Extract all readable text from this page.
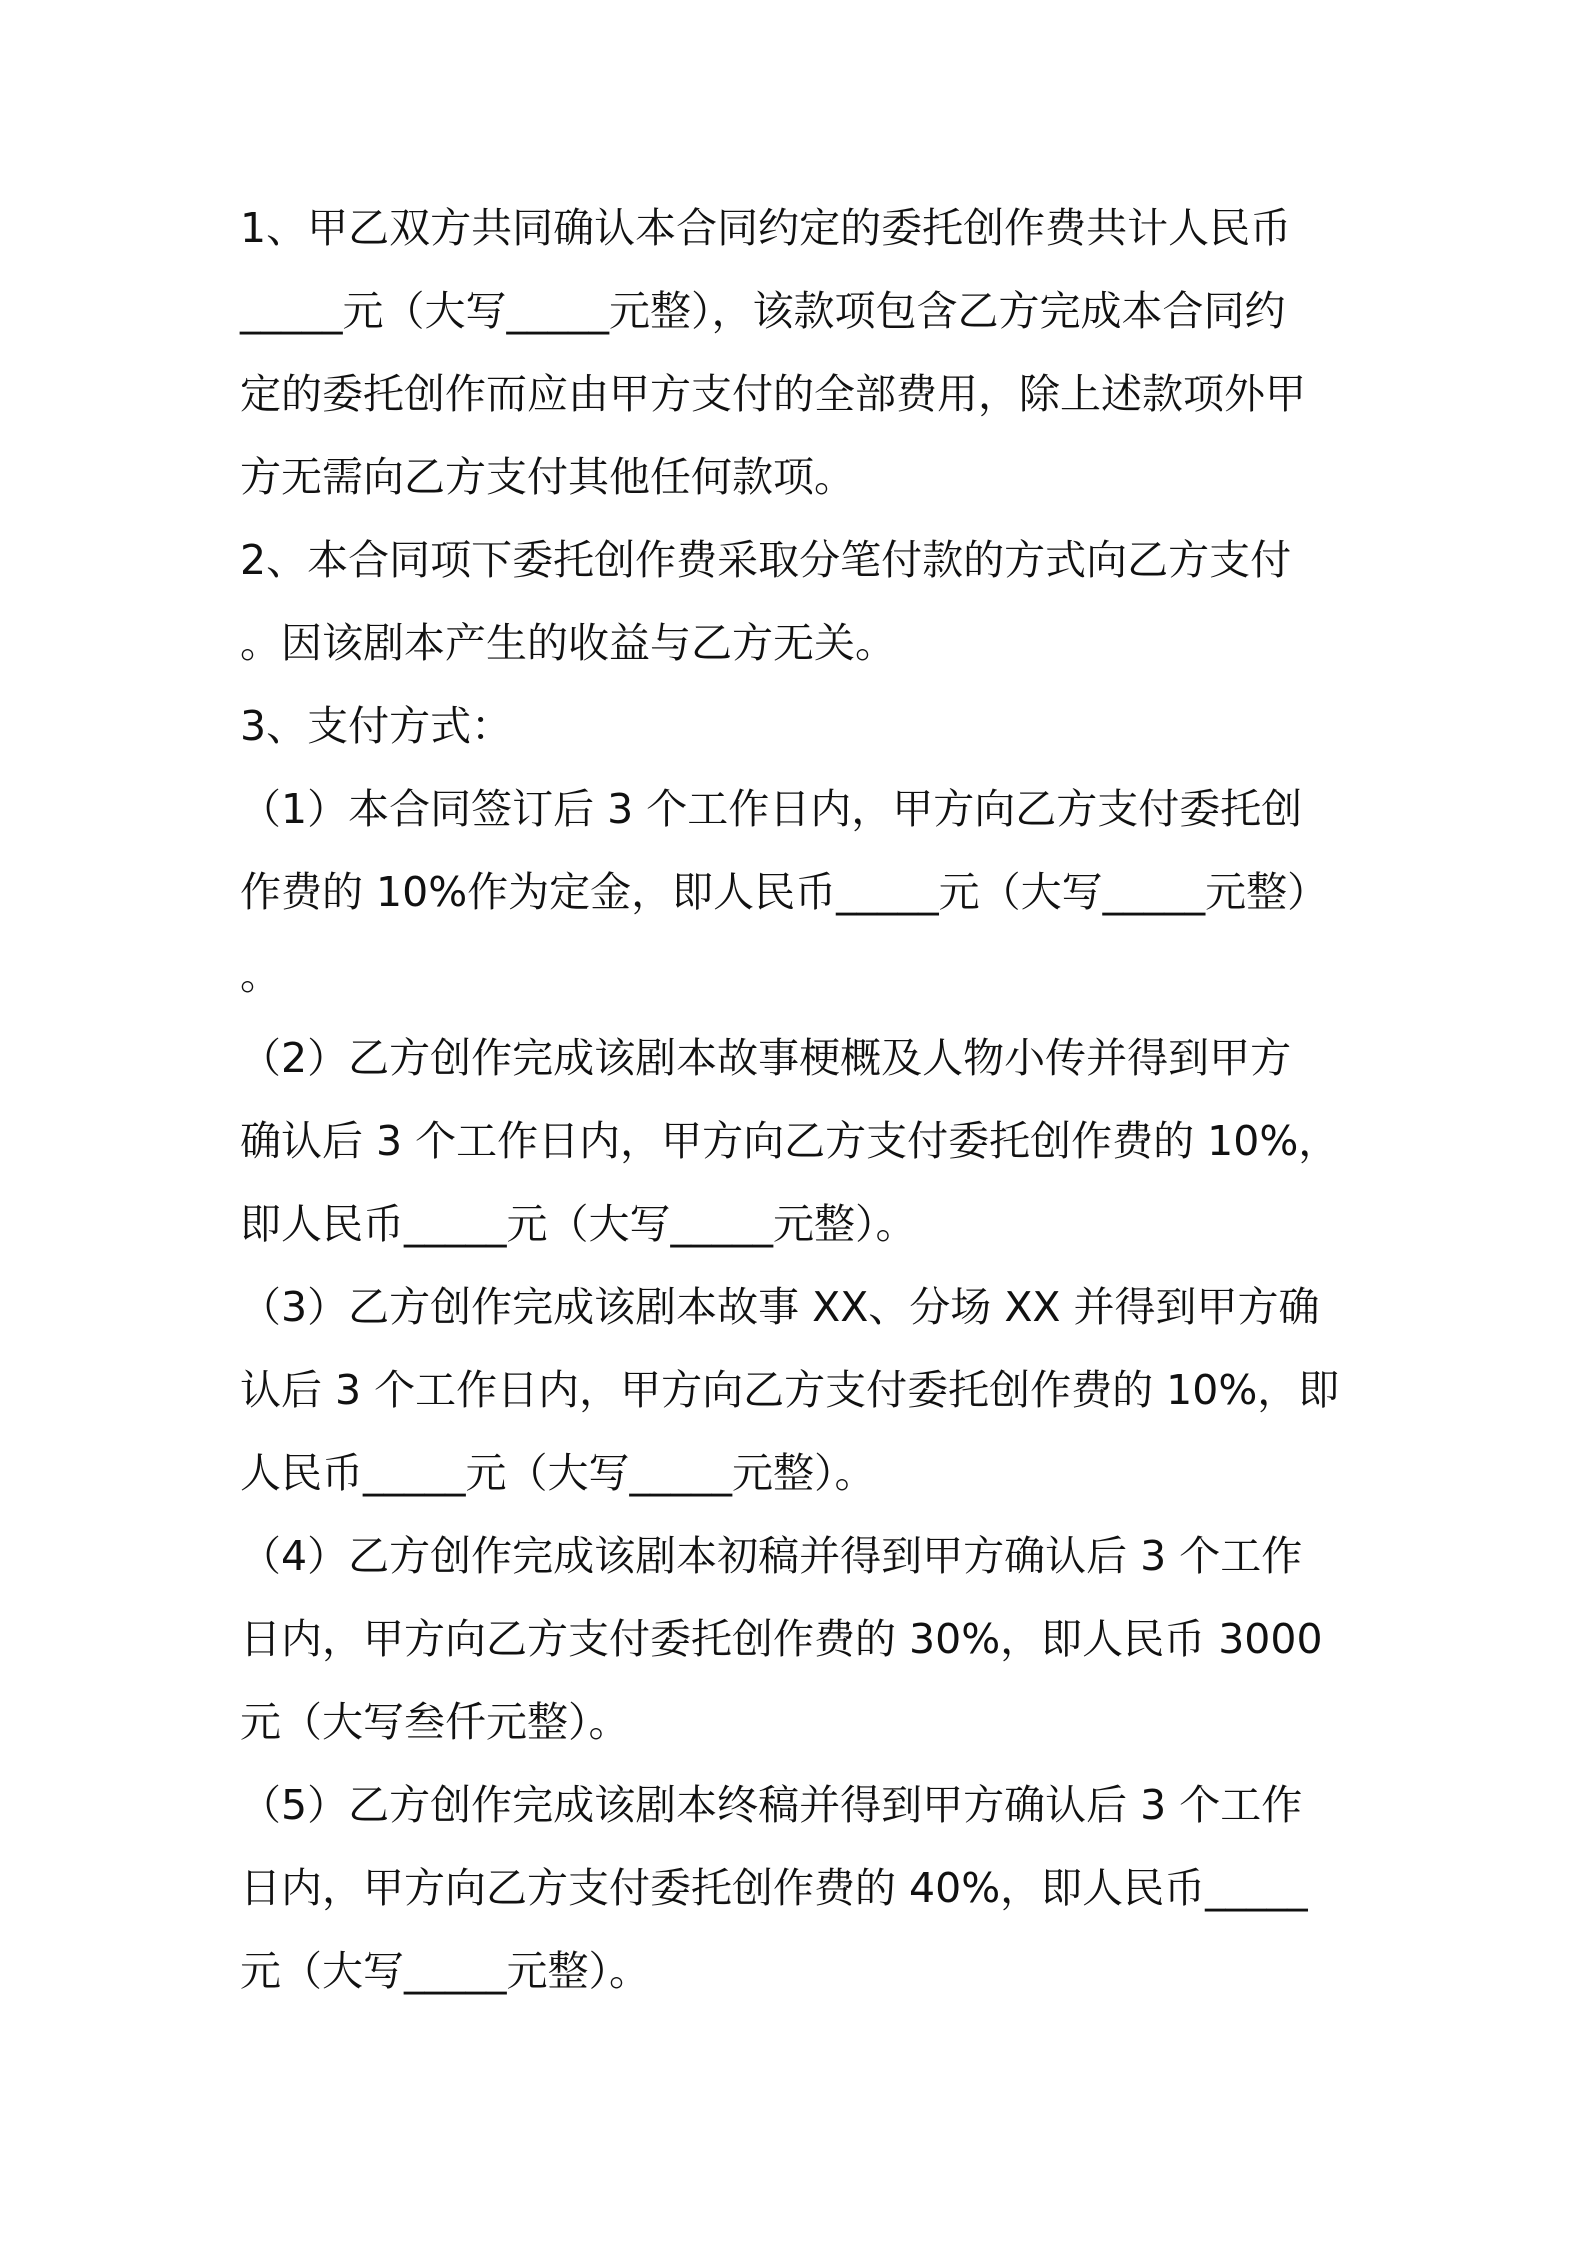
1、甲乙双方共同确认本合同约定的委托创作费共计人民币
_____元（大写_____元整），该款项包含乙方完成本合同约
定的委托创作而应由甲方支付的全部费用，除上述款项外甲
方无需向乙方支付其他任何款项。
2、本合同项下委托创作费采取分笔付款的方式向乙方支付
。因该剧本产生的收益与乙方无关。
3、支付方式：
（1）本合同签订后 3 个工作日内，甲方向乙方支付委托创
作费的 10%作为定金，即人民币_____元（大写_____元整）
。
（2）乙方创作完成该剧本故事梗概及人物小传并得到甲方
确认后 3 个工作日内，甲方向乙方支付委托创作费的 10%，
即人民币_____元（大写_____元整）。
（3）乙方创作完成该剧本故事 XX、分场 XX 并得到甲方确
认后 3 个工作日内，甲方向乙方支付委托创作费的 10%，即
人民币_____元（大写_____元整）。
（4）乙方创作完成该剧本初稿并得到甲方确认后 3 个工作
日内，甲方向乙方支付委托创作费的 30%，即人民币 3000
元（大写叁仟元整）。
（5）乙方创作完成该剧本终稿并得到甲方确认后 3 个工作
日内，甲方向乙方支付委托创作费的 40%，即人民币_____
元（大写_____元整）。
